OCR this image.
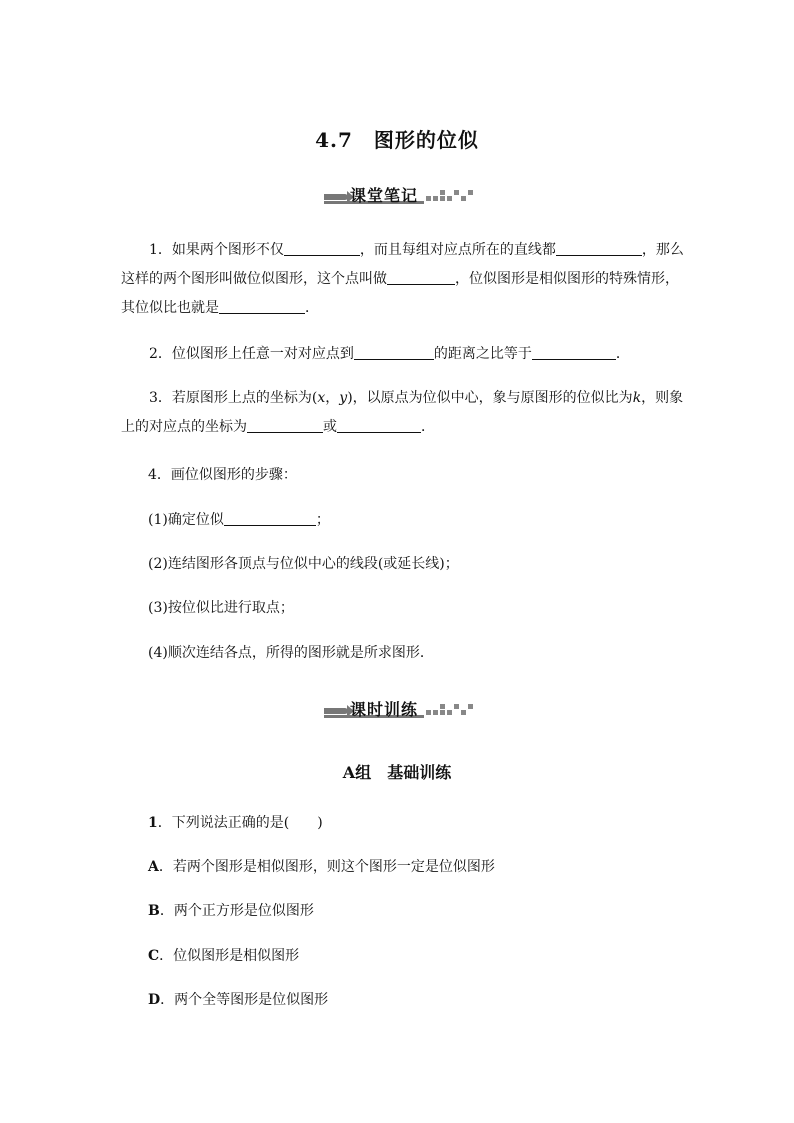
4.7　图形的位似
课堂笔记
1．如果两个图形不仅	，而且每组对应点所在的直线都	，那么这样的两个图形叫做位似图形，这个点叫做	，位似图形是相似图形的特殊情形，其位似比也就是	．
2．位似图形上任意一对对应点到	的距离之比等于	．
3．若原图形上点的坐标为(x，y)，以原点为位似中心，象与原图形的位似比为k，则象上的对应点的坐标为	或	．
4．画位似图形的步骤：
(1)确定位似	；
(2)连结图形各顶点与位似中心的线段(或延长线)；
(3)按位似比进行取点；
(4)顺次连结各点，所得的图形就是所求图形．
课时训练
A组　基础训练
1．下列说法正确的是(　　)
A．若两个图形是相似图形，则这个图形一定是位似图形
B．两个正方形是位似图形
C．位似图形是相似图形
D．两个全等图形是位似图形
